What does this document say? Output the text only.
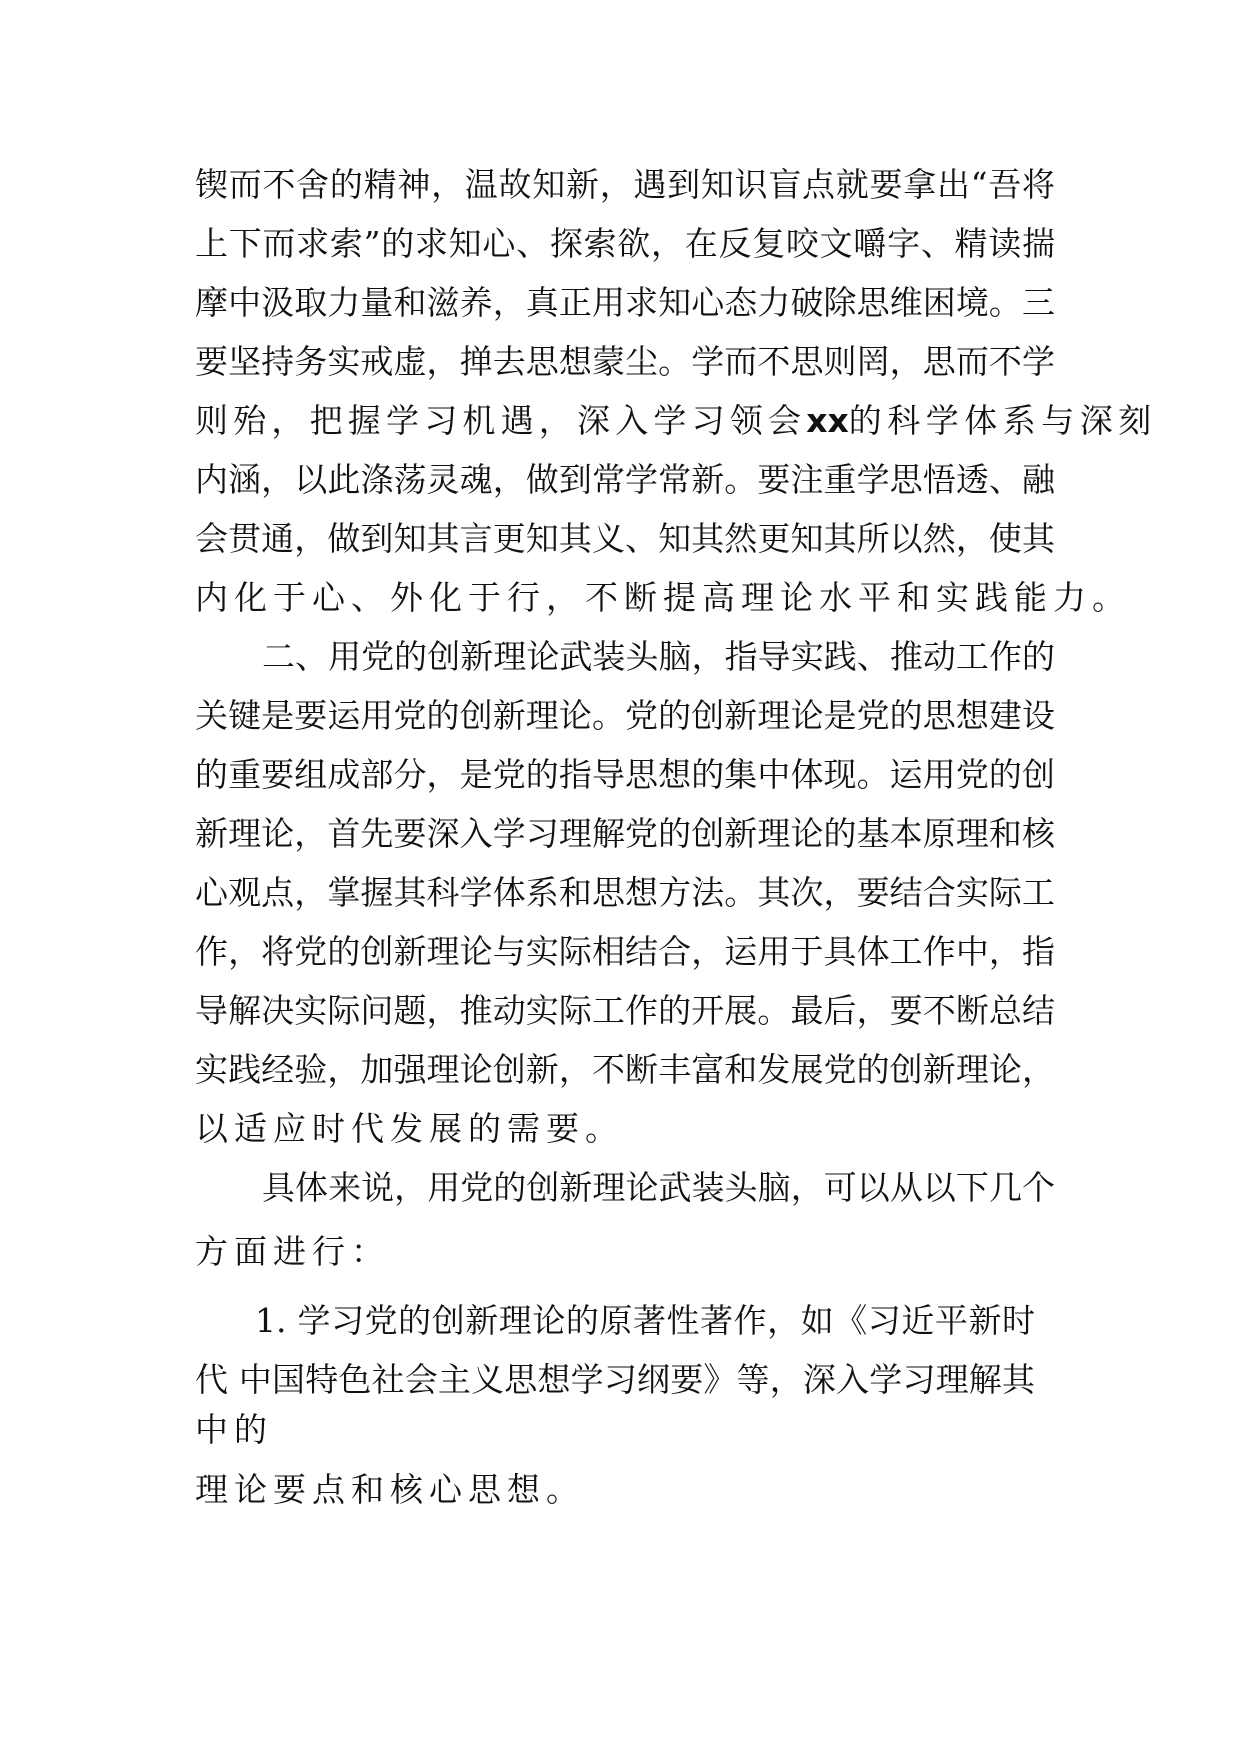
锲而不舍的精神，温故知新，遇到知识盲点就要拿出“吾将
上下而求索”的求知心、探索欲，在反复咬文嚼字、精读揣
摩中汲取力量和滋养，真正用求知心态力破除思维困境。三
要坚持务实戒虚，掸去思想蒙尘。学而不思则罔，思而不学
则殆，把握学习机遇，深入学习领会 xx 的科学体系与深刻
内涵，以此涤荡灵魂，做到常学常新。要注重学思悟透、融
会贯通，做到知其言更知其义、知其然更知其所以然，使其
内化于心、外化于行，不断提高理论水平和实践能力。
二、用党的创新理论武装头脑，指导实践、推动工作的
关键是要运用党的创新理论。党的创新理论是党的思想建设
的重要组成部分，是党的指导思想的集中体现。运用党的创
新理论，首先要深入学习理解党的创新理论的基本原理和核
心观点，掌握其科学体系和思想方法。其次，要结合实际工
作，将党的创新理论与实际相结合，运用于具体工作中，指
导解决实际问题，推动实际工作的开展。最后，要不断总结
实践经验，加强理论创新，不断丰富和发展党的创新理论，
以适应时代发展的需要。
具体来说，用党的创新理论武装头脑，可以从以下几个
方面进行：
1. 学习党的创新理论的原著性著作，如《习近平新时
代 中国特色社会主义思想学习纲要》等，深入学习理解其
中的
理论要点和核心思想。
